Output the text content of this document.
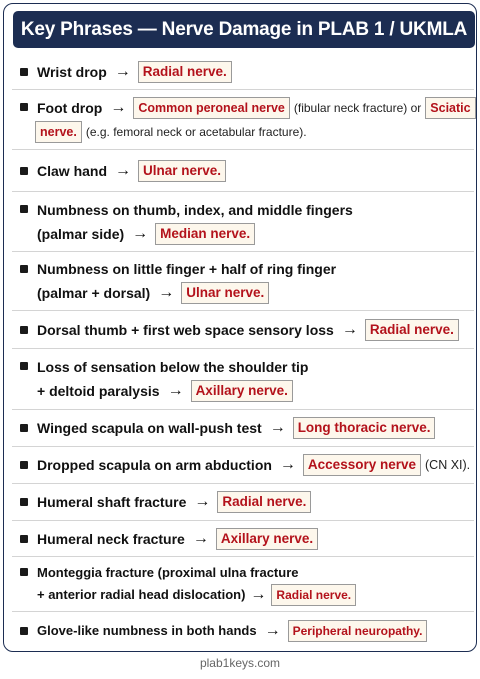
Key Phrases — Nerve Damage in PLAB 1 / UKMLA
Wrist drop → Radial nerve.
Foot drop → Common peroneal nerve (fibular neck fracture) or Sciatic
nerve. (e.g. femoral neck or acetabular fracture).
Claw hand → Ulnar nerve.
Numbness on thumb, index, and middle fingers
(palmar side) → Median nerve.
Numbness on little finger + half of ring finger
(palmar + dorsal) → Ulnar nerve.
Dorsal thumb + first web space sensory loss → Radial nerve.
Loss of sensation below the shoulder tip
+ deltoid paralysis → Axillary nerve.
Winged scapula on wall-push test → Long thoracic nerve.
Dropped scapula on arm abduction → Accessory nerve (CN XI).
Humeral shaft fracture → Radial nerve.
Humeral neck fracture → Axillary nerve.
Monteggia fracture (proximal ulna fracture
+ anterior radial head dislocation) → Radial nerve.
Glove-like numbness in both hands →	Peripheral neuropathy.
plab1keys.com
